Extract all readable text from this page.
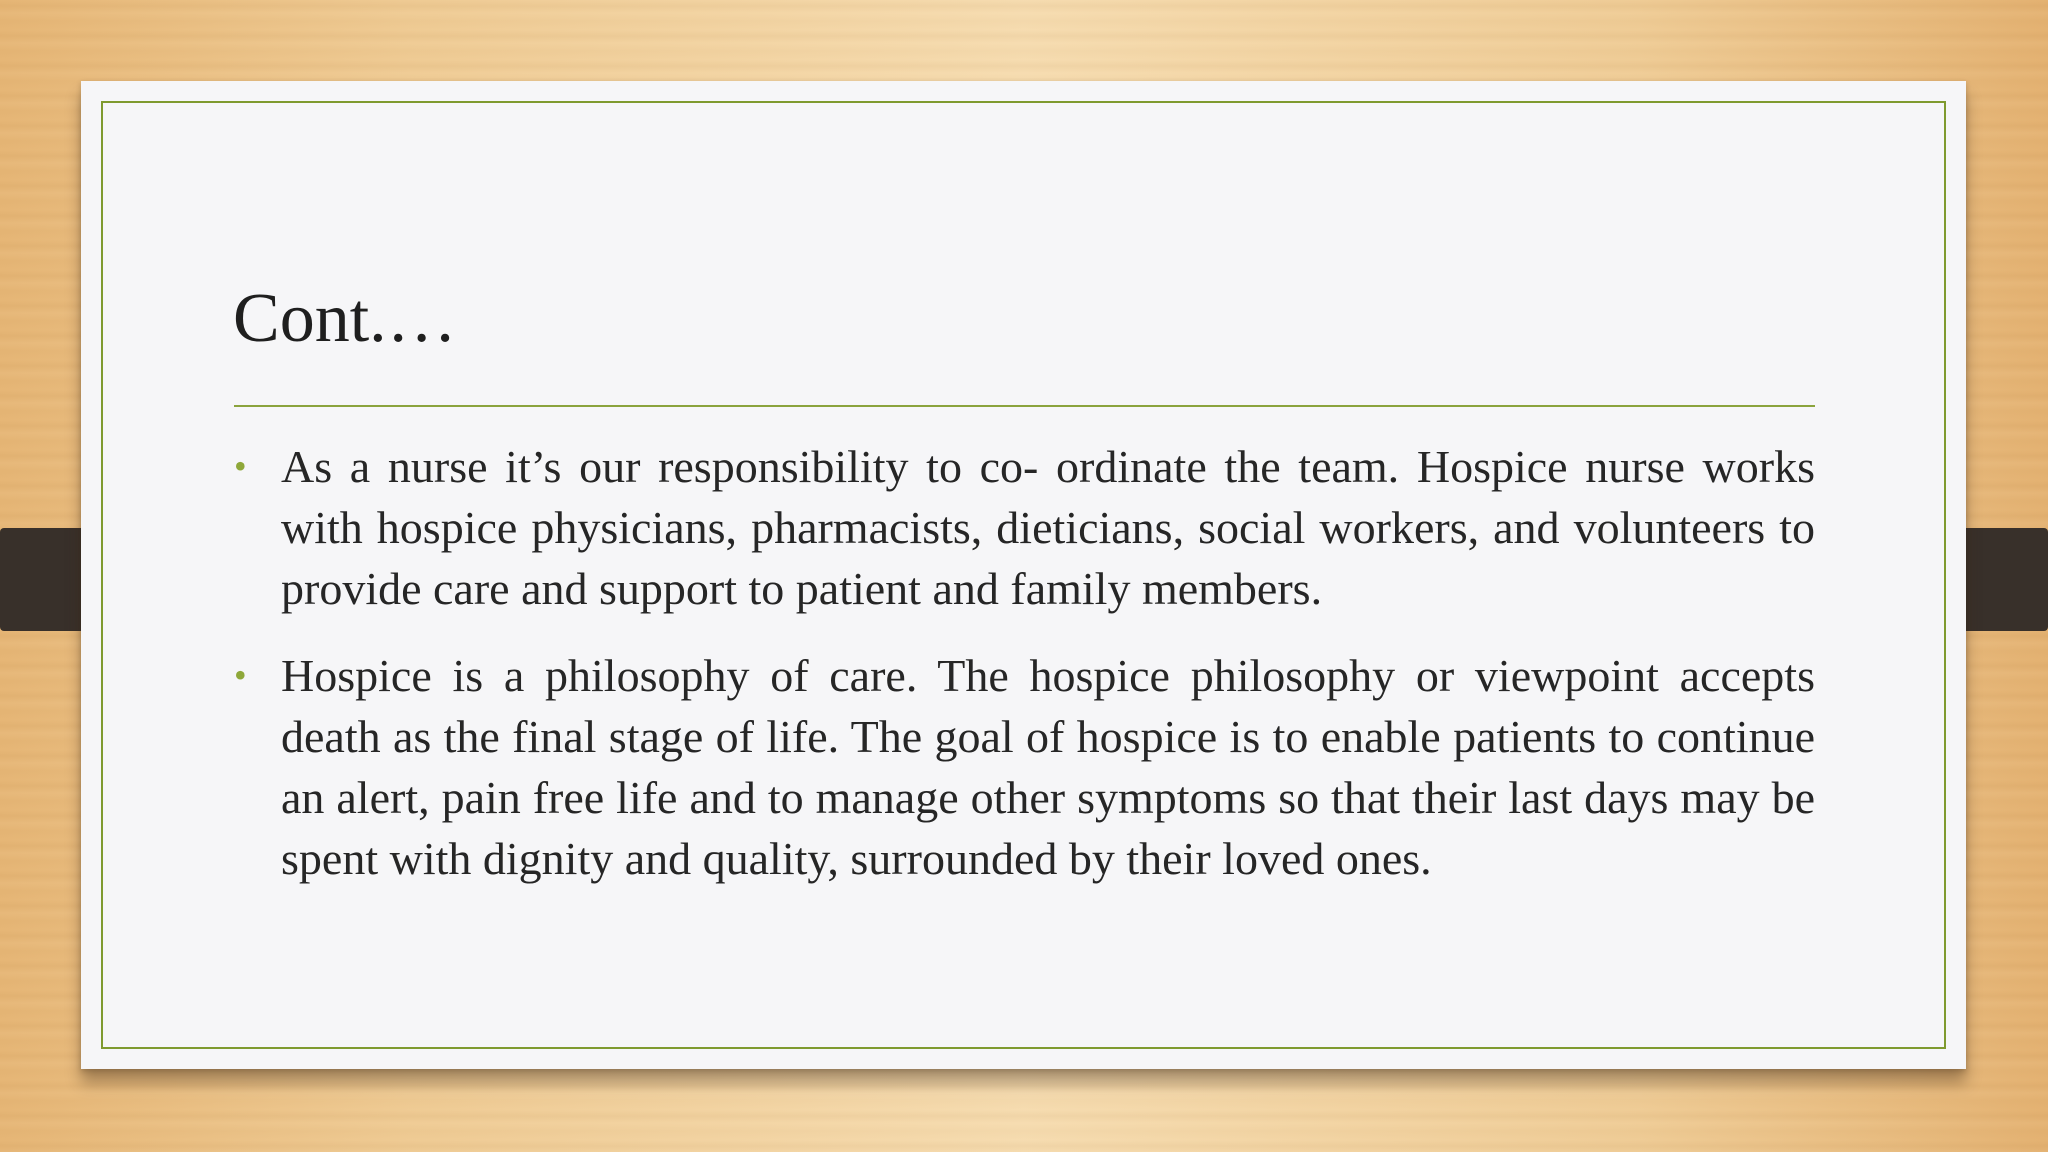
Cont.…
• As a nurse it’s our responsibility to co- ordinate the team. Hospice nurse works with hospice physicians, pharmacists, dieticians, social workers, and volunteers to provide care and support to patient and family members.

• Hospice is a philosophy of care. The hospice philosophy or viewpoint accepts death as the final stage of life. The goal of hospice is to enable patients to continue an alert, pain free life and to manage other symptoms so that their last days may be spent with dignity and quality, surrounded by their loved ones.
